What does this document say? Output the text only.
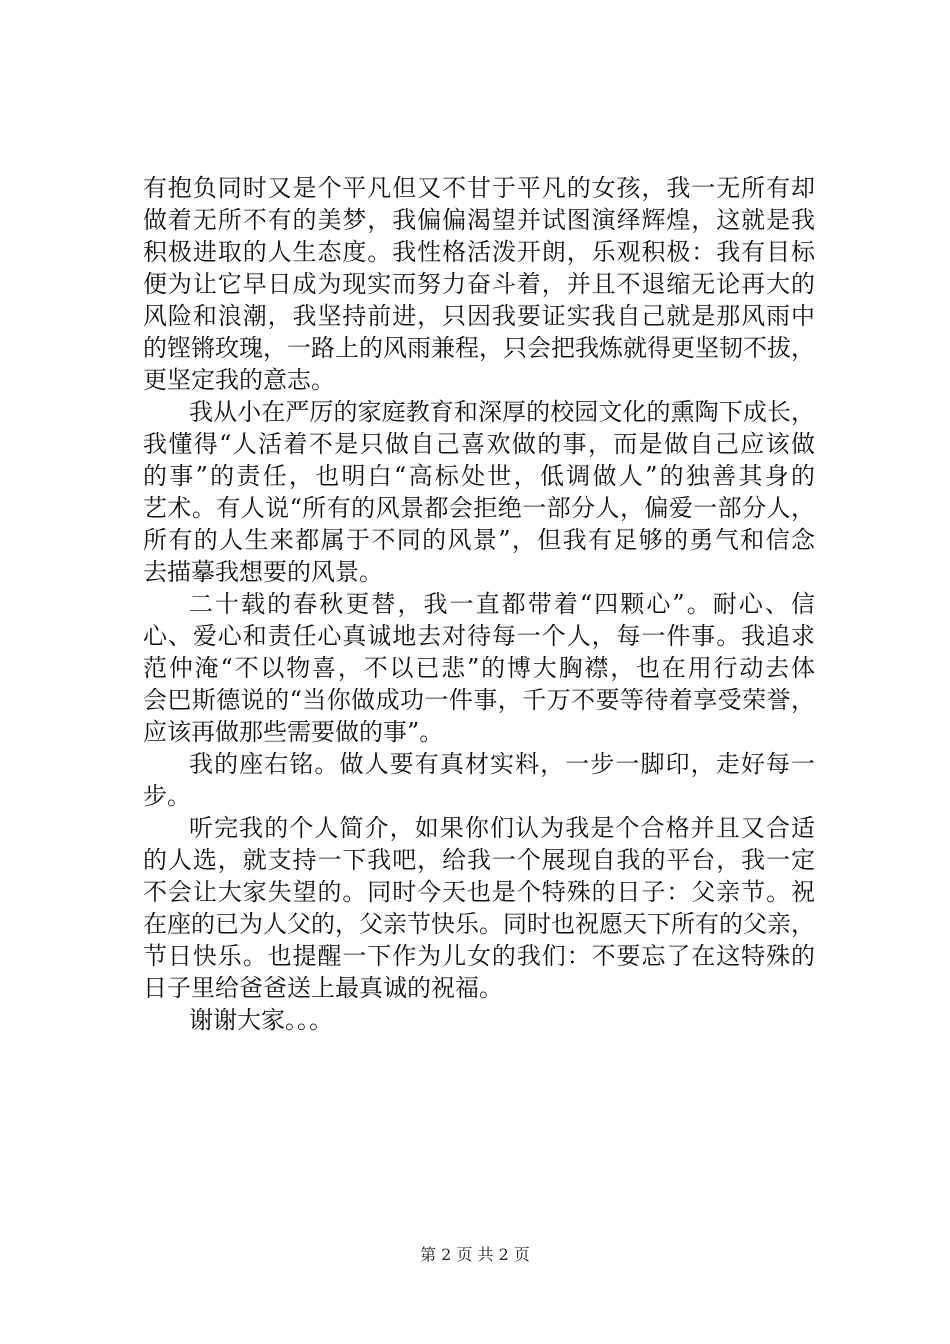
有抱负同时又是个平凡但又不甘于平凡的女孩，我一无所有却
做着无所不有的美梦，我偏偏渴望并试图演绎辉煌，这就是我
积极进取的人生态度。我性格活泼开朗，乐观积极：我有目标
便为让它早日成为现实而努力奋斗着，并且不退缩无论再大的
风险和浪潮，我坚持前进，只因我要证实我自己就是那风雨中
的铿锵玫瑰，一路上的风雨兼程，只会把我炼就得更坚韧不拔，
更坚定我的意志。
我从小在严厉的家庭教育和深厚的校园文化的熏陶下成长，
我懂得“人活着不是只做自己喜欢做的事，而是做自己应该做
的事”的责任，也明白“高标处世，低调做人”的独善其身的
艺术。有人说“所有的风景都会拒绝一部分人，偏爱一部分人，
所有的人生来都属于不同的风景”，但我有足够的勇气和信念
去描摹我想要的风景。
二十载的春秋更替，我一直都带着“四颗心”。耐心、信
心、爱心和责任心真诚地去对待每一个人，每一件事。我追求
范仲淹“不以物喜，不以已悲”的博大胸襟，也在用行动去体
会巴斯德说的“当你做成功一件事，千万不要等待着享受荣誉，
应该再做那些需要做的事”。
我的座右铭。做人要有真材实料，一步一脚印，走好每一
步。
听完我的个人简介，如果你们认为我是个合格并且又合适
的人选，就支持一下我吧，给我一个展现自我的平台，我一定
不会让大家失望的。同时今天也是个特殊的日子：父亲节。祝
在座的已为人父的，父亲节快乐。同时也祝愿天下所有的父亲，
节日快乐。也提醒一下作为儿女的我们：不要忘了在这特殊的
日子里给爸爸送上最真诚的祝福。
谢谢大家。。。
第 2 页 共 2 页
